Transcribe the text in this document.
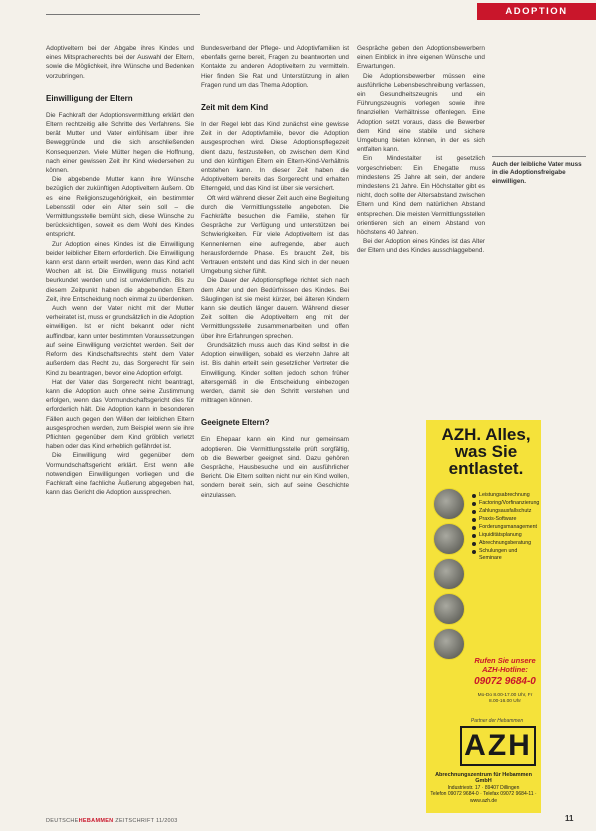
ADOPTION

Adoptiveltern bei der Abgabe ihres Kindes und eines Mitspracherechts bei der Auswahl der Eltern, sowie die Möglichkeit, ihre Wünsche und Bedenken vorzubringen.

Einwilligung der Eltern

Die Fachkraft der Adoptionsvermittlung erklärt den Eltern rechtzeitig alle Schritte des Verfahrens. Sie berät Mutter und Vater einfühlsam über ihre Beweggründe und die sich anschließenden Konsequenzen. Viele Mütter hegen die Hoffnung, nach einer gewissen Zeit ihr Kind wiedersehen zu können.

Die abgebende Mutter kann ihre Wünsche bezüglich der zukünftigen Adoptiveltern äußern. Ob es eine Religionszugehörigkeit, ein bestimmter Lebensstil oder ein Alter sein soll – die Vermittlungsstelle bemüht sich, diese Wünsche zu berücksichtigen, soweit es dem Wohl des Kindes entspricht.

Zur Adoption eines Kindes ist die Einwilligung beider leiblicher Eltern erforderlich. Die Einwilligung kann erst dann erteilt werden, wenn das Kind acht Wochen alt ist. Die Einwilligung muss notariell beurkundet werden und ist unwiderruflich. Bis zu diesem Zeitpunkt haben die abgebenden Eltern Zeit, ihre Entscheidung noch einmal zu überdenken.

Auch wenn der Vater nicht mit der Mutter verheiratet ist, muss er grundsätzlich in die Adoption einwilligen. Ist er nicht bekannt oder nicht auffindbar, kann unter bestimmten Voraussetzungen auf seine Einwilligung verzichtet werden. Seit der Reform des Kindschaftsrechts steht dem Vater außerdem das Recht zu, das Sorgerecht für sein Kind zu beantragen, bevor eine Adoption erfolgt.

Hat der Vater das Sorgerecht nicht beantragt, kann die Adoption auch ohne seine Zustimmung erfolgen, wenn das Vormundschaftsgericht dies für erforderlich hält. Die Adoption kann in besonderen Fällen auch gegen den Willen der leiblichen Eltern ausgesprochen werden, zum Beispiel wenn sie ihre Pflichten gegenüber dem Kind gröblich verletzt haben oder das Kind erheblich gefährdet ist.

Die Einwilligung wird gegenüber dem Vormundschaftsgericht erklärt. Erst wenn alle notwendigen Einwilligungen vorliegen und die Fachkraft eine fachliche Äußerung abgegeben hat, kann das Gericht die Adoption aussprechen.

Bundesverband der Pflege- und Adoptivfamilien ist ebenfalls gerne bereit, Fragen zu beantworten und Kontakte zu anderen Adoptiveltern zu vermitteln. Hier finden Sie Rat und Unterstützung in allen Fragen rund um das Thema Adoption.

Zeit mit dem Kind

In der Regel lebt das Kind zunächst eine gewisse Zeit in der Adoptivfamilie, bevor die Adoption ausgesprochen wird. Diese Adoptionspflegezeit dient dazu, festzustellen, ob zwischen dem Kind und den künftigen Eltern ein Eltern-Kind-Verhältnis entstehen kann. In dieser Zeit haben die Adoptiveltern bereits das Sorgerecht und erhalten Elterngeld, und das Kind ist über sie versichert.

Oft wird während dieser Zeit auch eine Begleitung durch die Vermittlungsstelle angeboten. Die Fachkräfte besuchen die Familie, stehen für Gespräche zur Verfügung und unterstützen bei Schwierigkeiten. Für viele Adoptiveltern ist das Kennenlernen eine aufregende, aber auch herausfordernde Phase. Es braucht Zeit, bis Vertrauen entsteht und das Kind sich in der neuen Umgebung sicher fühlt.

Die Dauer der Adoptionspflege richtet sich nach dem Alter und den Bedürfnissen des Kindes. Bei Säuglingen ist sie meist kürzer, bei älteren Kindern kann sie deutlich länger dauern. Während dieser Zeit sollten die Adoptiveltern eng mit der Vermittlungsstelle zusammenarbeiten und offen über ihre Erfahrungen sprechen.

Grundsätzlich muss auch das Kind selbst in die Adoption einwilligen, sobald es vierzehn Jahre alt ist. Bis dahin erteilt sein gesetzlicher Vertreter die Einwilligung. Kinder sollten jedoch schon früher altersgemäß in die Entscheidung einbezogen werden, damit sie den Schritt verstehen und mittragen können.

Geeignete Eltern?

Ein Ehepaar kann ein Kind nur gemeinsam adoptieren. Die Vermittlungsstelle prüft sorgfältig, ob die Bewerber geeignet sind. Dazu gehören Gespräche, Hausbesuche und ein ausführlicher Bericht. Die Eltern sollten nicht nur ein Kind wollen, sondern bereit sein, sich auf seine Geschichte einzulassen.

Gespräche geben den Adoptionsbewerbern einen Einblick in ihre eigenen Wünsche und Erwartungen.

Die Adoptionsbewerber müssen eine ausführliche Lebensbeschreibung verfassen, ein Gesundheitszeugnis und ein Führungszeugnis vorlegen sowie ihre finanziellen Verhältnisse offenlegen. Eine Adoption setzt voraus, dass die Bewerber dem Kind eine stabile und sichere Umgebung bieten können, in der es sich entfalten kann.

Ein Mindestalter ist gesetzlich vorgeschrieben: Ein Ehegatte muss mindestens 25 Jahre alt sein, der andere mindestens 21 Jahre. Ein Höchstalter gibt es nicht, doch sollte der Altersabstand zwischen Eltern und Kind dem natürlichen Abstand entsprechen. Die meisten Vermittlungsstellen orientieren sich an einem Abstand von höchstens 40 Jahren.

Bei der Adoption eines Kindes ist das Alter der Eltern und des Kindes ausschlaggebend.

Auch der leibliche Vater muss in die Adoptionsfreigabe einwilligen.
AZH. Alles, was Sie entlastet.
Leistungsabrechnung
Factoring/Vorfinanzierung
Zahlungsausfallschutz
Praxis-Software
Forderungsmanagement
Liquiditätsplanung
Abrechnungsberatung
Schulungen und Seminare
Rufen Sie unsere AZH-Hotline:
09072 9684-0
Mo-Do 8.00-17.00 Uhr, Fr 8.00-16.00 Uhr
Partner der Hebammen
AZH
Abrechnungszentrum für Hebammen GmbH
Industriestr. 17 · 89407 Dillingen
Telefon 09072 9684-0 · Telefax 09072 9684-11 · www.azh.de
DEUTSCHEHEBAMMEN ZEITSCHRIFT 11/2003	11
